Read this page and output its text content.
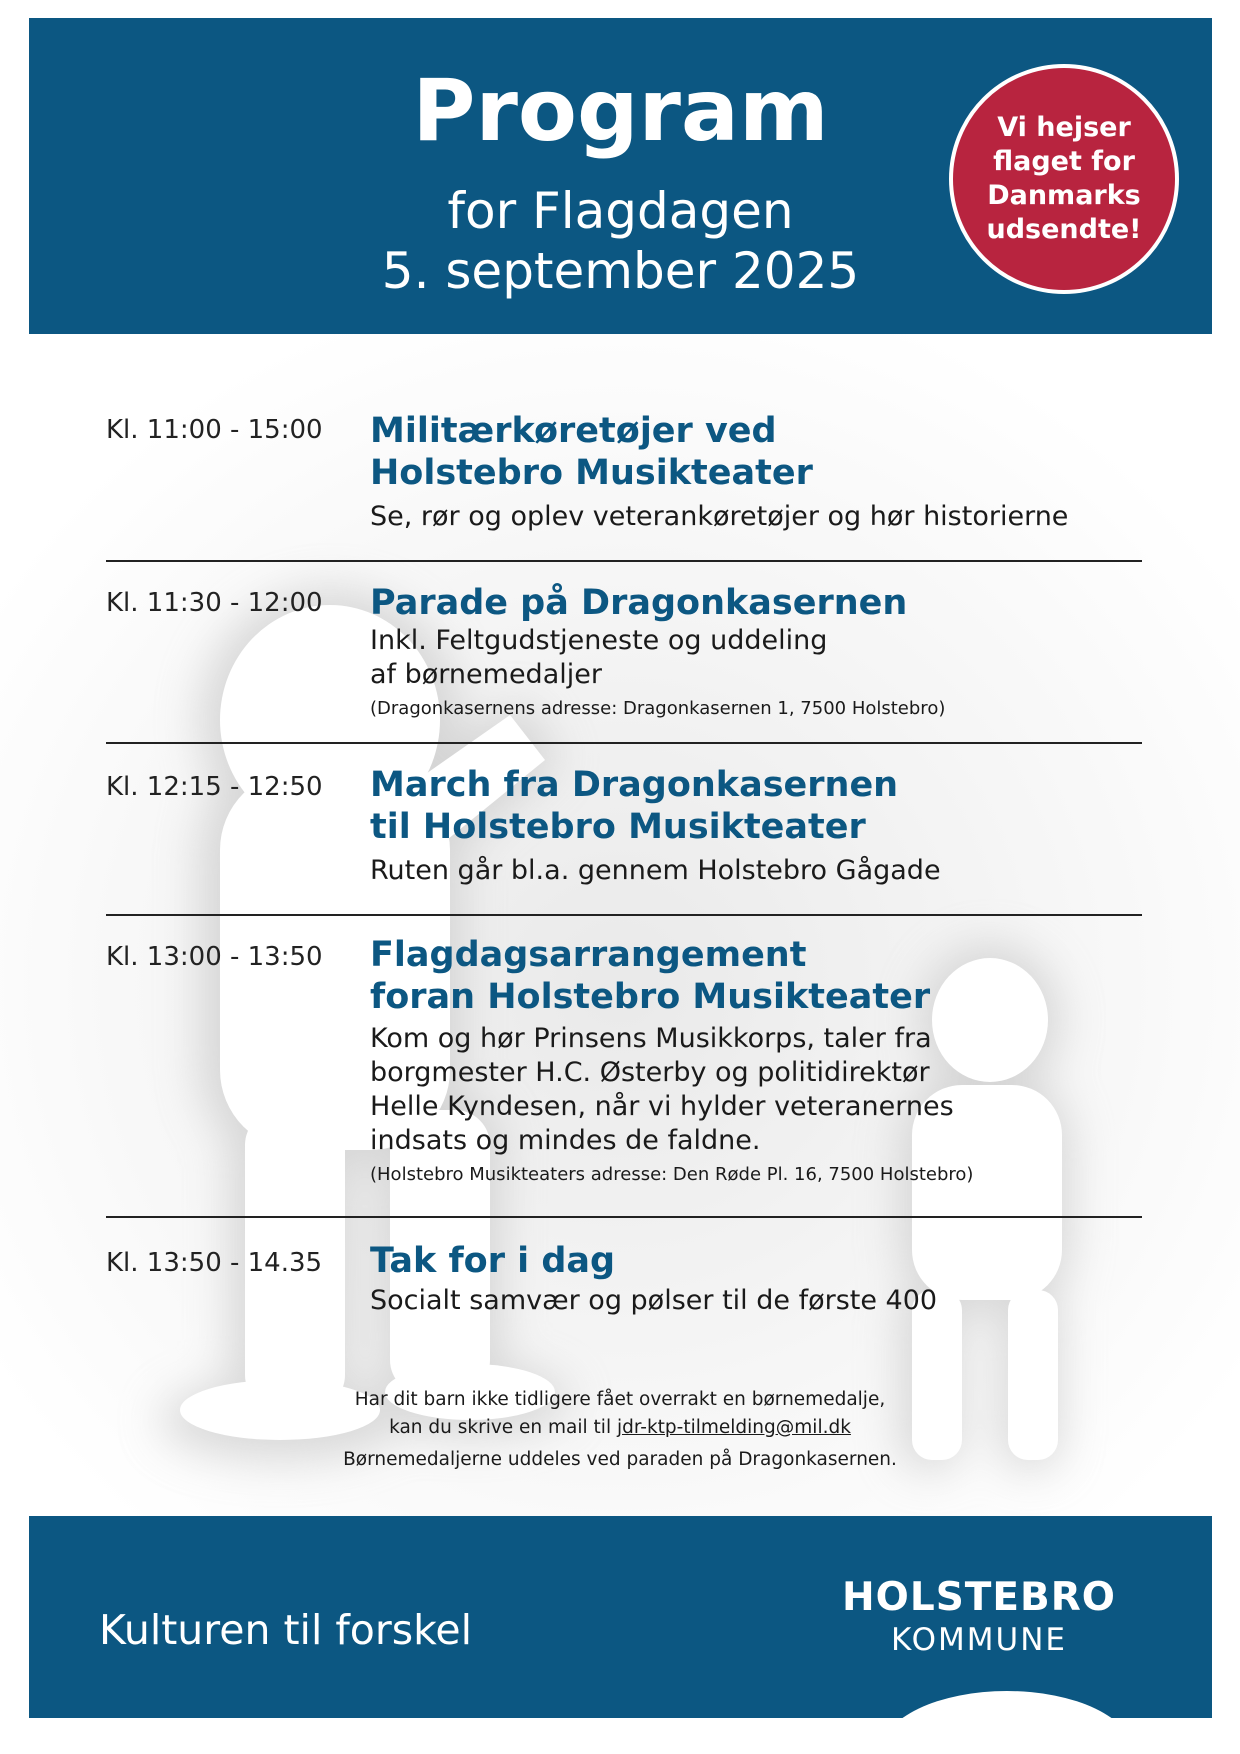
Program
for Flagdagen
5. september 2025
Vi hejser
flaget for
Danmarks
udsendte!
Kl. 11:00 - 15:00 Militærkøretøjer ved
Holstebro Musikteater
Se, rør og oplev veterankøretøjer og hør historierne
Kl. 11:30 - 12:00 Parade på Dragonkasernen
Inkl. Feltgudstjeneste og uddeling
af børnemedaljer
(Dragonkasernens adresse: Dragonkasernen 1, 7500 Holstebro)
Kl. 12:15 - 12:50 March fra Dragonkasernen
til Holstebro Musikteater
Ruten går bl.a. gennem Holstebro Gågade
Kl. 13:00 - 13:50 Flagdagsarrangement
foran Holstebro Musikteater
Kom og hør Prinsens Musikkorps, taler fra
borgmester H.C. Østerby og politidirektør
Helle Kyndesen, når vi hylder veteranernes
indsats og mindes de faldne.
(Holstebro Musikteaters adresse: Den Røde Pl. 16, 7500 Holstebro)
Kl. 13:50 - 14.35 Tak for i dag
Socialt samvær og pølser til de første 400
Har dit barn ikke tidligere fået overrakt en børnemedalje,
kan du skrive en mail til jdr-ktp-tilmelding@mil.dk
Børnemedaljerne uddeles ved paraden på Dragonkasernen.
Kulturen til forskel
HOLSTEBRO
KOMMUNE
